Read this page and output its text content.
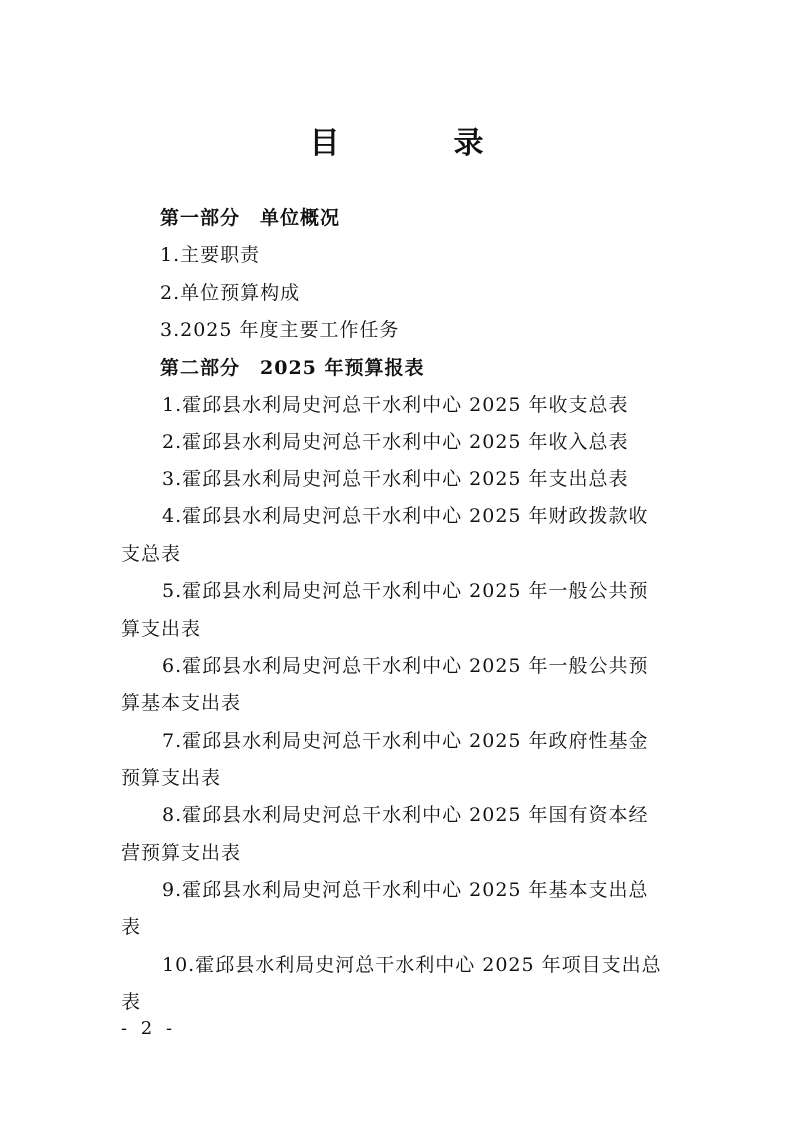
目　录
第一部分　单位概况
1.主要职责
2.单位预算构成
3.2025 年度主要工作任务
第二部分　2025 年预算报表
1.霍邱县水利局史河总干水利中心 2025 年收支总表
2.霍邱县水利局史河总干水利中心 2025 年收入总表
3.霍邱县水利局史河总干水利中心 2025 年支出总表
4.霍邱县水利局史河总干水利中心 2025 年财政拨款收
支总表
5.霍邱县水利局史河总干水利中心 2025 年一般公共预
算支出表
6.霍邱县水利局史河总干水利中心 2025 年一般公共预
算基本支出表
7.霍邱县水利局史河总干水利中心 2025 年政府性基金
预算支出表
8.霍邱县水利局史河总干水利中心 2025 年国有资本经
营预算支出表
9.霍邱县水利局史河总干水利中心 2025 年基本支出总
表
10.霍邱县水利局史河总干水利中心 2025 年项目支出总
表
- 2 -
